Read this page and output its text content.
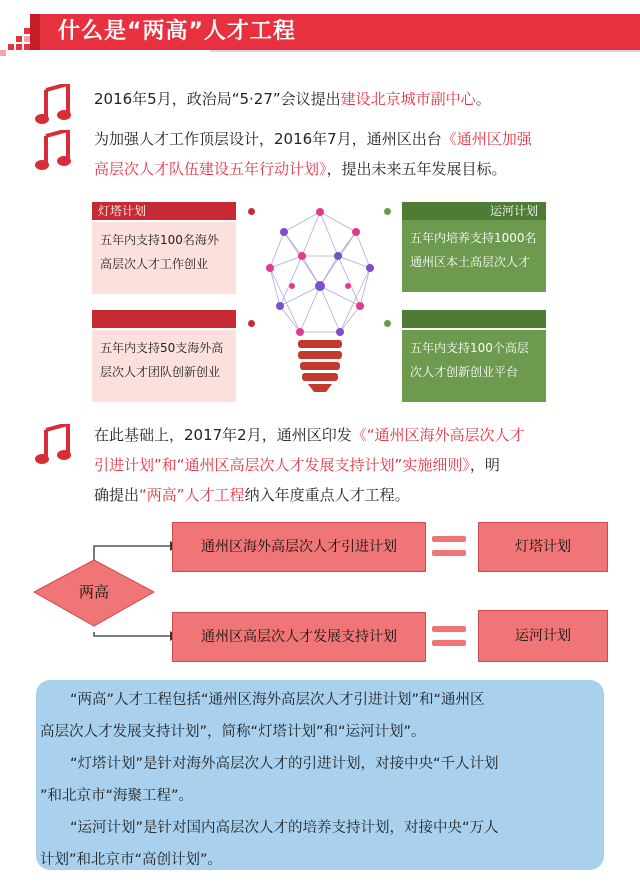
什么是“两高”人才工程
2016年5月，政治局“5·27”会议提出建设北京城市副中心。
为加强人才工作顶层设计，2016年7月，通州区出台《通州区加强
高层次人才队伍建设五年行动计划》，提出未来五年发展目标。
灯塔计划
五年内支持100名海外高层次人才工作创业
五年内支持50支海外高层次人才团队创新创业
运河计划
五年内培养支持1000名通州区本土高层次人才
五年内支持100个高层次人才创新创业平台
在此基础上，2017年2月，通州区印发《“通州区海外高层次人才
引进计划”和“通州区高层次人才发展支持计划”实施细则》，明
确提出“两高”人才工程纳入年度重点人才工程。
两高
通州区海外高层次人才引进计划	灯塔计划
通州区高层次人才发展支持计划	运河计划
“两高”人才工程包括“通州区海外高层次人才引进计划”和“通州区
高层次人才发展支持计划”，简称“灯塔计划”和“运河计划”。
“灯塔计划”是针对海外高层次人才的引进计划，对接中央“千人计划
”和北京市“海聚工程”。
“运河计划”是针对国内高层次人才的培养支持计划，对接中央“万人
计划”和北京市“高创计划”。
